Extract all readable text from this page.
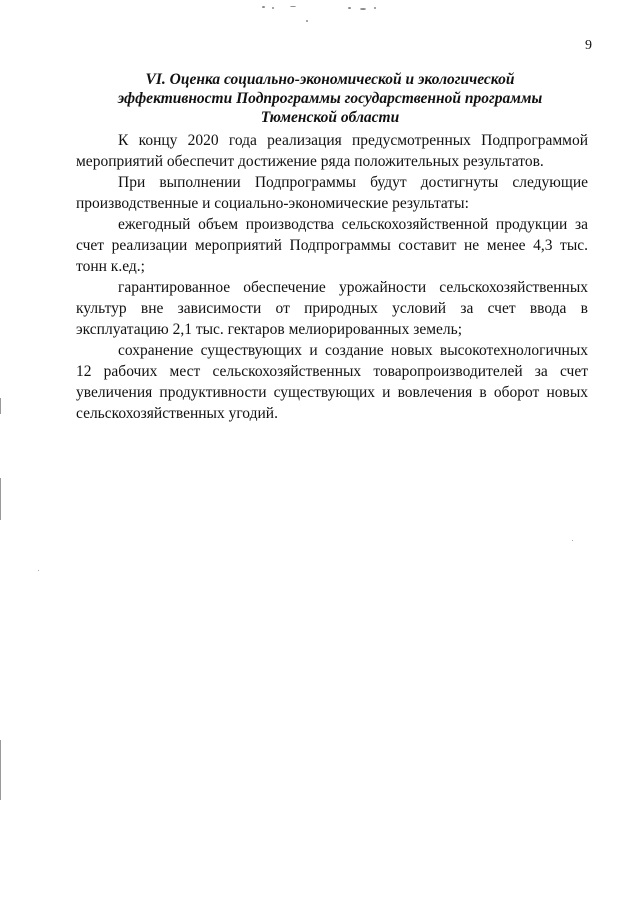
9
VI. Оценка социально-экономической и экологической
эффективности Подпрограммы государственной программы
Тюменской области

К концу 2020 года реализация предусмотренных Подпрограммой мероприятий обеспечит достижение ряда положительных результатов.

При выполнении Подпрограммы будут достигнуты следующие производственные и социально-экономические результаты:

ежегодный объем производства сельскохозяйственной продукции за счет реализации мероприятий Подпрограммы составит не менее 4,3 тыс. тонн к.ед.;

гарантированное обеспечение урожайности сельскохозяйственных культур вне зависимости от природных условий за счет ввода в эксплуатацию 2,1 тыс. гектаров мелиорированных земель;

сохранение существующих и создание новых высокотехнологичных 12 рабочих мест сельскохозяйственных товаропроизводителей за счет увеличения продуктивности существующих и вовлечения в оборот новых сельскохозяйственных угодий.
